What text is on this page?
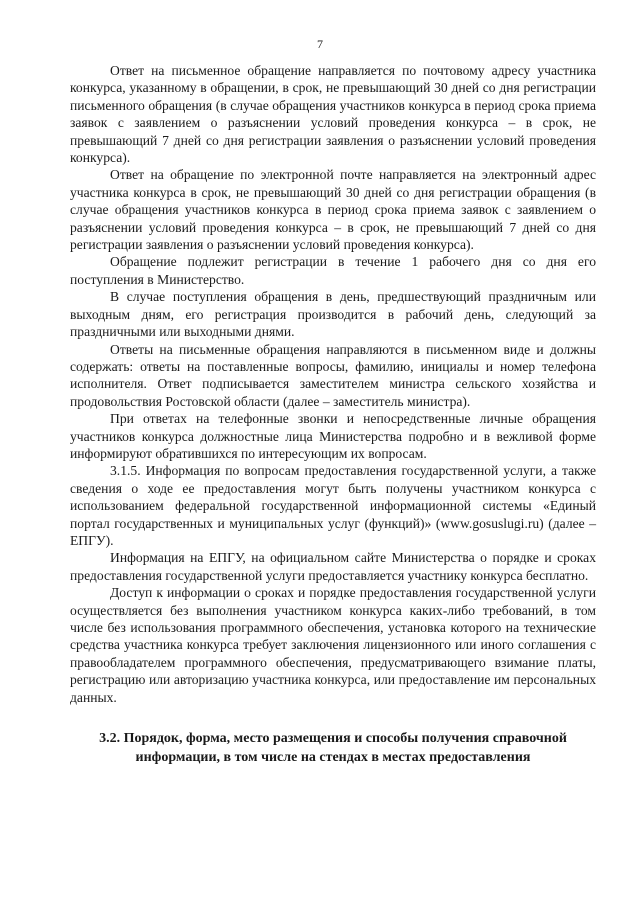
7

Ответ на письменное обращение направляется по почтовому адресу участника конкурса, указанному в обращении, в срок, не превышающий 30 дней со дня регистрации письменного обращения (в случае обращения участников конкурса в период срока приема заявок с заявлением о разъяснении условий проведения конкурса – в срок, не превышающий 7 дней со дня регистрации заявления о разъяснении условий проведения конкурса).

Ответ на обращение по электронной почте направляется на электронный адрес участника конкурса в срок, не превышающий 30 дней со дня регистрации обращения (в случае обращения участников конкурса в период срока приема заявок с заявлением о разъяснении условий проведения конкурса – в срок, не превышающий 7 дней со дня регистрации заявления о разъяснении условий проведения конкурса).

Обращение подлежит регистрации в течение 1 рабочего дня со дня его поступления в Министерство.

В случае поступления обращения в день, предшествующий праздничным или выходным дням, его регистрация производится в рабочий день, следующий за праздничными или выходными днями.

Ответы на письменные обращения направляются в письменном виде и должны содержать: ответы на поставленные вопросы, фамилию, инициалы и номер телефона исполнителя. Ответ подписывается заместителем министра сельского хозяйства и продовольствия Ростовской области (далее – заместитель министра).

При ответах на телефонные звонки и непосредственные личные обращения участников конкурса должностные лица Министерства подробно и в вежливой форме информируют обратившихся по интересующим их вопросам.

3.1.5. Информация по вопросам предоставления государственной услуги, а также сведения о ходе ее предоставления могут быть получены участником конкурса с использованием федеральной государственной информационной системы «Единый портал государственных и муниципальных услуг (функций)» (www.gosuslugi.ru) (далее – ЕПГУ).

Информация на ЕПГУ, на официальном сайте Министерства о порядке и сроках предоставления государственной услуги предоставляется участнику конкурса бесплатно.

Доступ к информации о сроках и порядке предоставления государственной услуги осуществляется без выполнения участником конкурса каких-либо требований, в том числе без использования программного обеспечения, установка которого на технические средства участника конкурса требует заключения лицензионного или иного соглашения с правообладателем программного обеспечения, предусматривающего взимание платы, регистрацию или авторизацию участника конкурса, или предоставление им персональных данных.

3.2. Порядок, форма, место размещения и способы получения справочной информации, в том числе на стендах в местах предоставления
